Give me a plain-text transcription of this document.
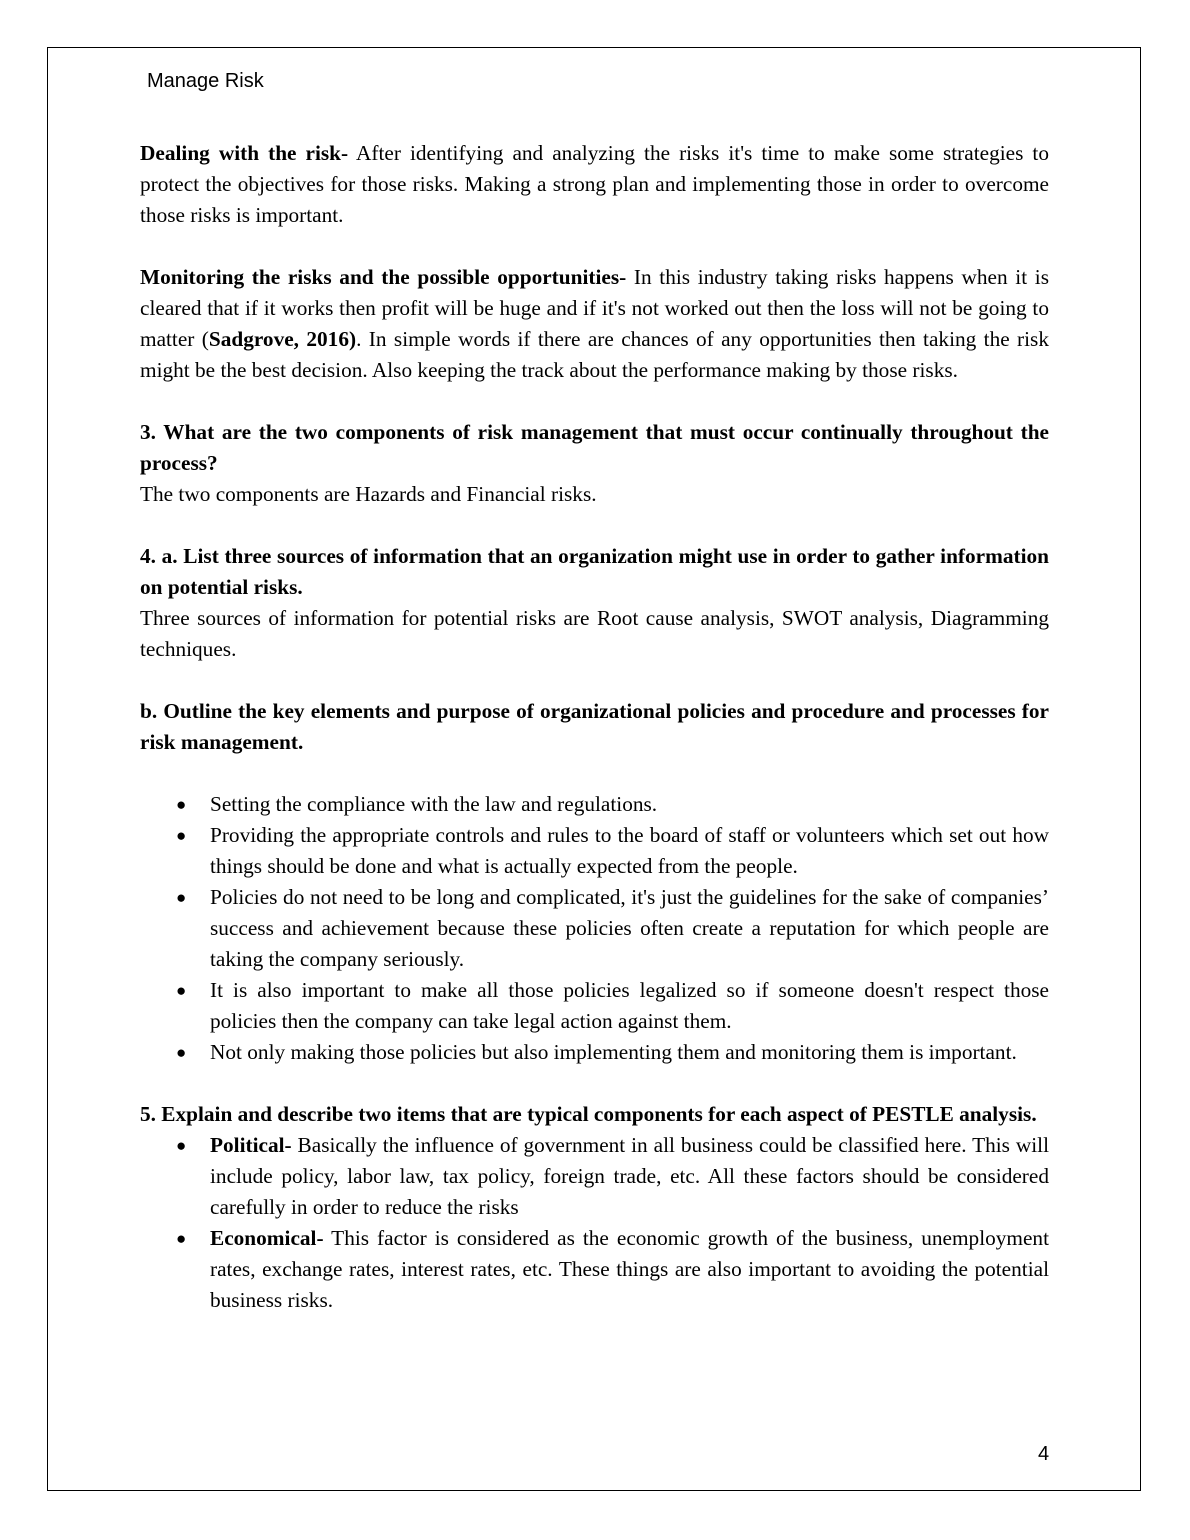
Manage Risk

Dealing with the risk- After identifying and analyzing the risks it's time to make some strategies to protect the objectives for those risks. Making a strong plan and implementing those in order to overcome those risks is important.

Monitoring the risks and the possible opportunities- In this industry taking risks happens when it is cleared that if it works then profit will be huge and if it's not worked out then the loss will not be going to matter (Sadgrove, 2016). In simple words if there are chances of any opportunities then taking the risk might be the best decision. Also keeping the track about the performance making by those risks.

3. What are the two components of risk management that must occur continually throughout the process?

The two components are Hazards and Financial risks.

4. a. List three sources of information that an organization might use in order to gather information on potential risks.

Three sources of information for potential risks are Root cause analysis, SWOT analysis, Diagramming techniques.

b. Outline the key elements and purpose of organizational policies and procedure and processes for risk management.

● Setting the compliance with the law and regulations.
● Providing the appropriate controls and rules to the board of staff or volunteers which set out how things should be done and what is actually expected from the people.
● Policies do not need to be long and complicated, it's just the guidelines for the sake of companies’ success and achievement because these policies often create a reputation for which people are taking the company seriously.
● It is also important to make all those policies legalized so if someone doesn't respect those policies then the company can take legal action against them.
● Not only making those policies but also implementing them and monitoring them is important.

5. Explain and describe two items that are typical components for each aspect of PESTLE analysis.

● Political- Basically the influence of government in all business could be classified here. This will include policy, labor law, tax policy, foreign trade, etc. All these factors should be considered carefully in order to reduce the risks
● Economical- This factor is considered as the economic growth of the business, unemployment rates, exchange rates, interest rates, etc. These things are also important to avoiding the potential business risks.
4
